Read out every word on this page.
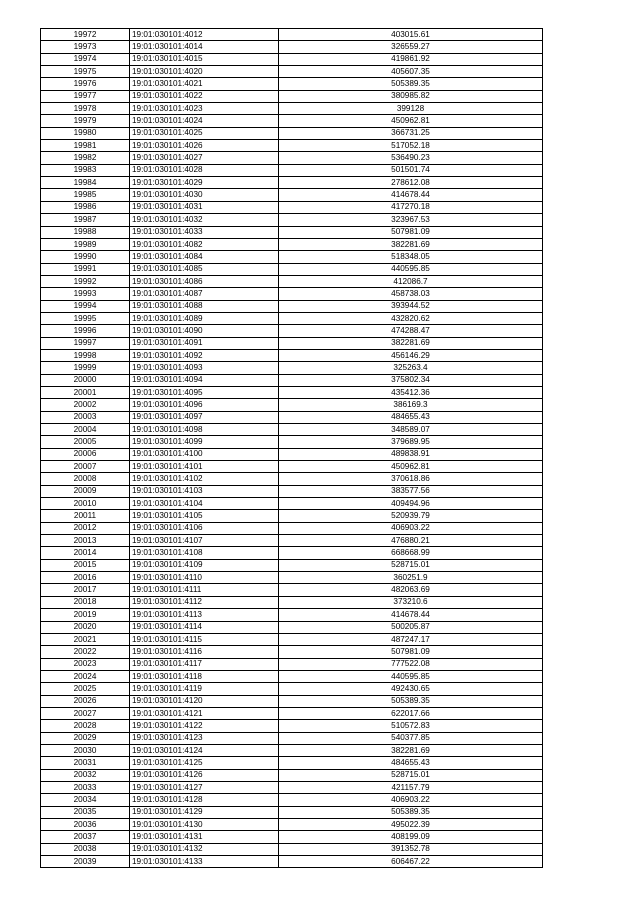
19972	19:01:030101:4012	403015.61
19973	19:01:030101:4014	326559.27
19974	19:01:030101:4015	419861.92
19975	19:01:030101:4020	405607.35
19976	19:01:030101:4021	505389.35
19977	19:01:030101:4022	380985.82
19978	19:01:030101:4023	399128
19979	19:01:030101:4024	450962.81
19980	19:01:030101:4025	366731.25
19981	19:01:030101:4026	517052.18
19982	19:01:030101:4027	536490.23
19983	19:01:030101:4028	501501.74
19984	19:01:030101:4029	278612.08
19985	19:01:030101:4030	414678.44
19986	19:01:030101:4031	417270.18
19987	19:01:030101:4032	323967.53
19988	19:01:030101:4033	507981.09
19989	19:01:030101:4082	382281.69
19990	19:01:030101:4084	518348.05
19991	19:01:030101:4085	440595.85
19992	19:01:030101:4086	412086.7
19993	19:01:030101:4087	458738.03
19994	19:01:030101:4088	393944.52
19995	19:01:030101:4089	432820.62
19996	19:01:030101:4090	474288.47
19997	19:01:030101:4091	382281.69
19998	19:01:030101:4092	456146.29
19999	19:01:030101:4093	325263.4
20000	19:01:030101:4094	375802.34
20001	19:01:030101:4095	435412.36
20002	19:01:030101:4096	386169.3
20003	19:01:030101:4097	484655.43
20004	19:01:030101:4098	348589.07
20005	19:01:030101:4099	379689.95
20006	19:01:030101:4100	489838.91
20007	19:01:030101:4101	450962.81
20008	19:01:030101:4102	370618.86
20009	19:01:030101:4103	383577.56
20010	19:01:030101:4104	409494.96
20011	19:01:030101:4105	520939.79
20012	19:01:030101:4106	406903.22
20013	19:01:030101:4107	476880.21
20014	19:01:030101:4108	668668.99
20015	19:01:030101:4109	528715.01
20016	19:01:030101:4110	360251.9
20017	19:01:030101:4111	482063.69
20018	19:01:030101:4112	373210.6
20019	19:01:030101:4113	414678.44
20020	19:01:030101:4114	500205.87
20021	19:01:030101:4115	487247.17
20022	19:01:030101:4116	507981.09
20023	19:01:030101:4117	777522.08
20024	19:01:030101:4118	440595.85
20025	19:01:030101:4119	492430.65
20026	19:01:030101:4120	505389.35
20027	19:01:030101:4121	622017.66
20028	19:01:030101:4122	510572.83
20029	19:01:030101:4123	540377.85
20030	19:01:030101:4124	382281.69
20031	19:01:030101:4125	484655.43
20032	19:01:030101:4126	528715.01
20033	19:01:030101:4127	421157.79
20034	19:01:030101:4128	406903.22
20035	19:01:030101:4129	505389.35
20036	19:01:030101:4130	495022.39
20037	19:01:030101:4131	408199.09
20038	19:01:030101:4132	391352.78
20039	19:01:030101:4133	606467.22
